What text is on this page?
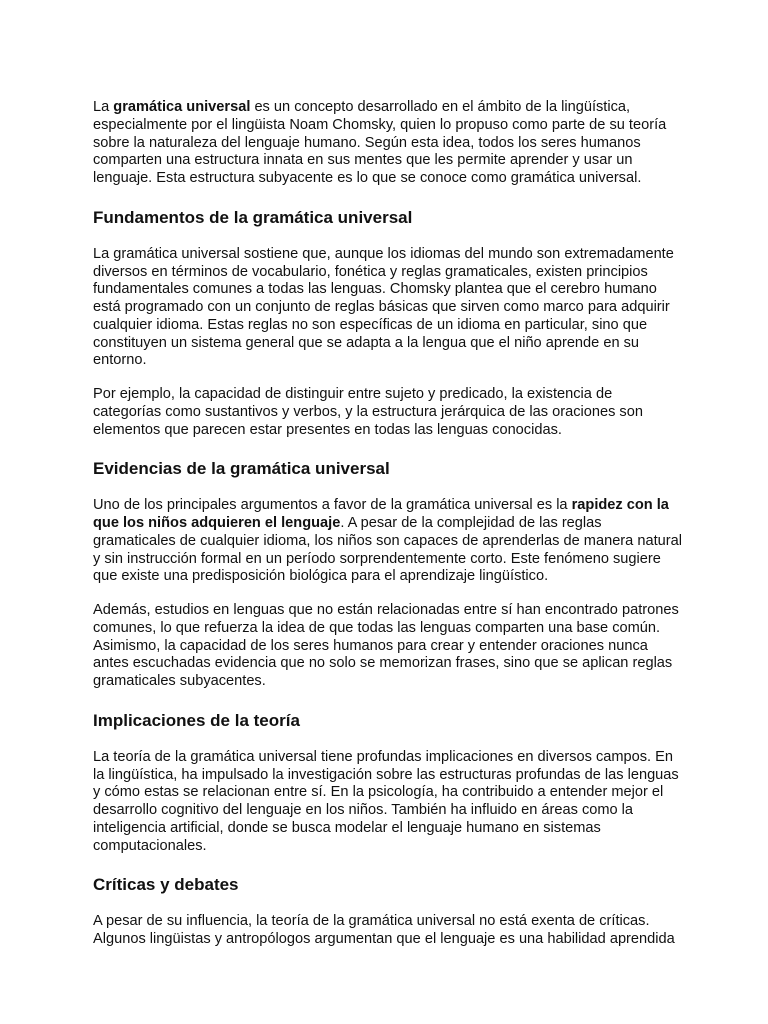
La gramática universal es un concepto desarrollado en el ámbito de la lingüística, especialmente por el lingüista Noam Chomsky, quien lo propuso como parte de su teoría sobre la naturaleza del lenguaje humano. Según esta idea, todos los seres humanos comparten una estructura innata en sus mentes que les permite aprender y usar un lenguaje. Esta estructura subyacente es lo que se conoce como gramática universal.

Fundamentos de la gramática universal

La gramática universal sostiene que, aunque los idiomas del mundo son extremadamente diversos en términos de vocabulario, fonética y reglas gramaticales, existen principios fundamentales comunes a todas las lenguas. Chomsky plantea que el cerebro humano está programado con un conjunto de reglas básicas que sirven como marco para adquirir cualquier idioma. Estas reglas no son específicas de un idioma en particular, sino que constituyen un sistema general que se adapta a la lengua que el niño aprende en su entorno.

Por ejemplo, la capacidad de distinguir entre sujeto y predicado, la existencia de categorías como sustantivos y verbos, y la estructura jerárquica de las oraciones son elementos que parecen estar presentes en todas las lenguas conocidas.

Evidencias de la gramática universal

Uno de los principales argumentos a favor de la gramática universal es la rapidez con la que los niños adquieren el lenguaje. A pesar de la complejidad de las reglas gramaticales de cualquier idioma, los niños son capaces de aprenderlas de manera natural y sin instrucción formal en un período sorprendentemente corto. Este fenómeno sugiere que existe una predisposición biológica para el aprendizaje lingüístico.

Además, estudios en lenguas que no están relacionadas entre sí han encontrado patrones comunes, lo que refuerza la idea de que todas las lenguas comparten una base común. Asimismo, la capacidad de los seres humanos para crear y entender oraciones nunca antes escuchadas evidencia que no solo se memorizan frases, sino que se aplican reglas gramaticales subyacentes.

Implicaciones de la teoría

La teoría de la gramática universal tiene profundas implicaciones en diversos campos. En la lingüística, ha impulsado la investigación sobre las estructuras profundas de las lenguas y cómo estas se relacionan entre sí. En la psicología, ha contribuido a entender mejor el desarrollo cognitivo del lenguaje en los niños. También ha influido en áreas como la inteligencia artificial, donde se busca modelar el lenguaje humano en sistemas computacionales.

Críticas y debates

A pesar de su influencia, la teoría de la gramática universal no está exenta de críticas. Algunos lingüistas y antropólogos argumentan que el lenguaje es una habilidad aprendida
